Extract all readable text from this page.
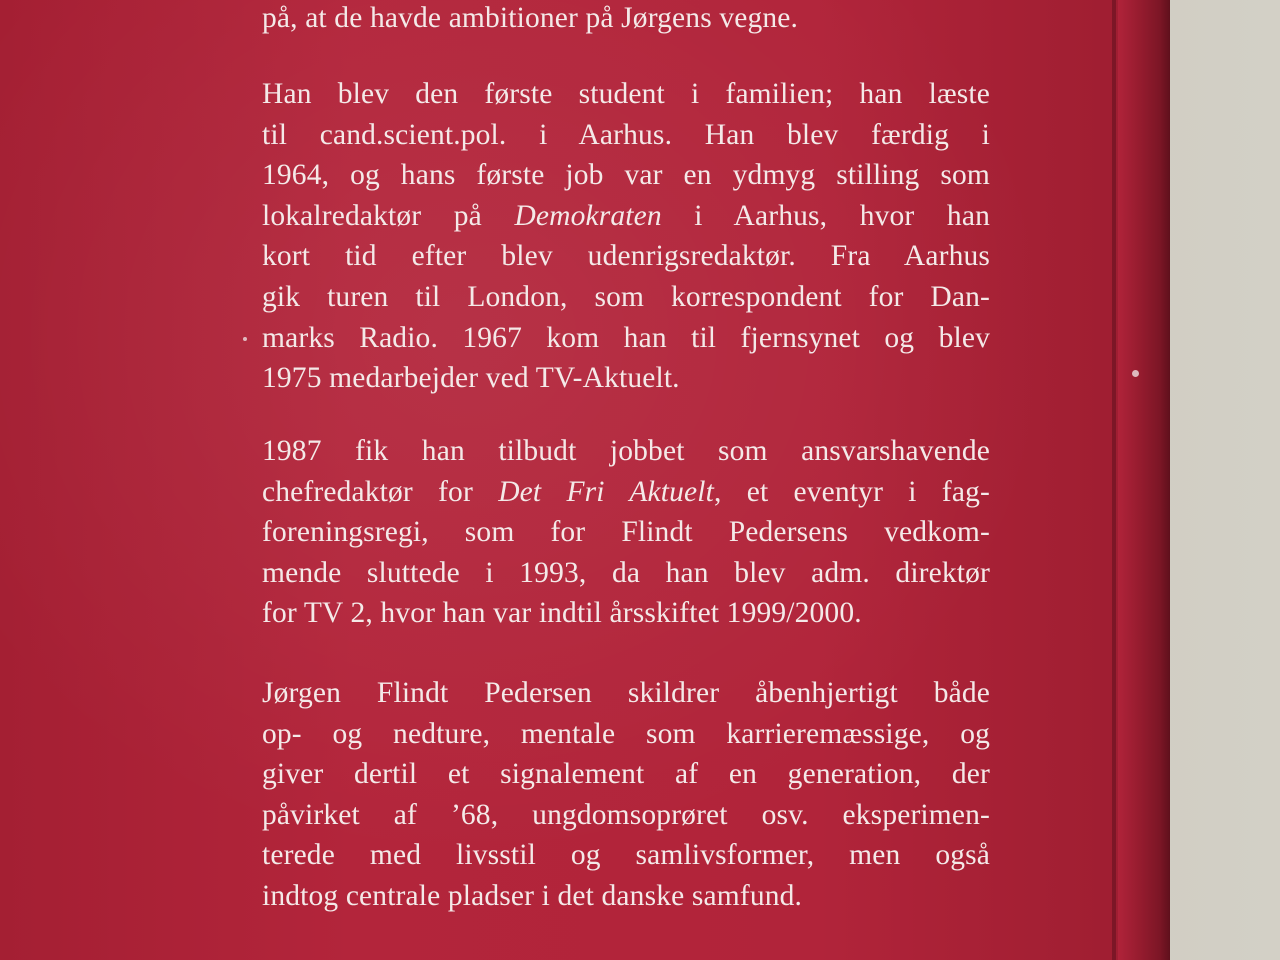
på, at de havde ambitioner på Jørgens vegne.
Han blev den første student i familien; han læste
til cand.scient.pol. i Aarhus. Han blev færdig i
1964, og hans første job var en ydmyg stilling som
lokalredaktør på Demokraten i Aarhus, hvor han
kort tid efter blev udenrigsredaktør. Fra Aarhus
gik turen til London, som korrespondent for Dan-
marks Radio. 1967 kom han til fjernsynet og blev
1975 medarbejder ved TV-Aktuelt.
1987 fik han tilbudt jobbet som ansvarshavende
chefredaktør for Det Fri Aktuelt, et eventyr i fag-
foreningsregi, som for Flindt Pedersens vedkom-
mende sluttede i 1993, da han blev adm. direktør
for TV 2, hvor han var indtil årsskiftet 1999/2000.
Jørgen Flindt Pedersen skildrer åbenhjertigt både
op- og nedture, mentale som karrieremæssige, og
giver dertil et signalement af en generation, der
påvirket af ’68, ungdomsoprøret osv. eksperimen-
terede med livsstil og samlivsformer, men også
indtog centrale pladser i det danske samfund.
